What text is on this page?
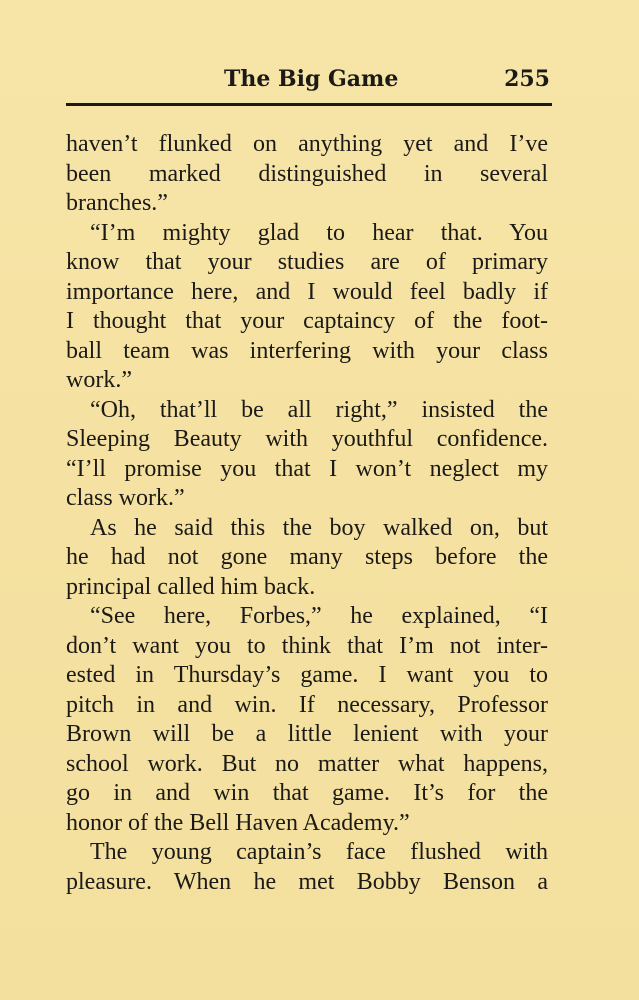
The Big Game	255
haven’t flunked on anything yet and I’ve
been marked distinguished in several
branches.”
“I’m mighty glad to hear that. You
know that your studies are of primary
importance here, and I would feel badly if
I thought that your captaincy of the foot-
ball team was interfering with your class
work.”
“Oh, that’ll be all right,” insisted the
Sleeping Beauty with youthful confidence.
“I’ll promise you that I won’t neglect my
class work.”
As he said this the boy walked on, but
he had not gone many steps before the
principal called him back.
“See here, Forbes,” he explained, “I
don’t want you to think that I’m not inter-
ested in Thursday’s game. I want you to
pitch in and win. If necessary, Professor
Brown will be a little lenient with your
school work. But no matter what happens,
go in and win that game. It’s for the
honor of the Bell Haven Academy.”
The young captain’s face flushed with
pleasure. When he met Bobby Benson a
